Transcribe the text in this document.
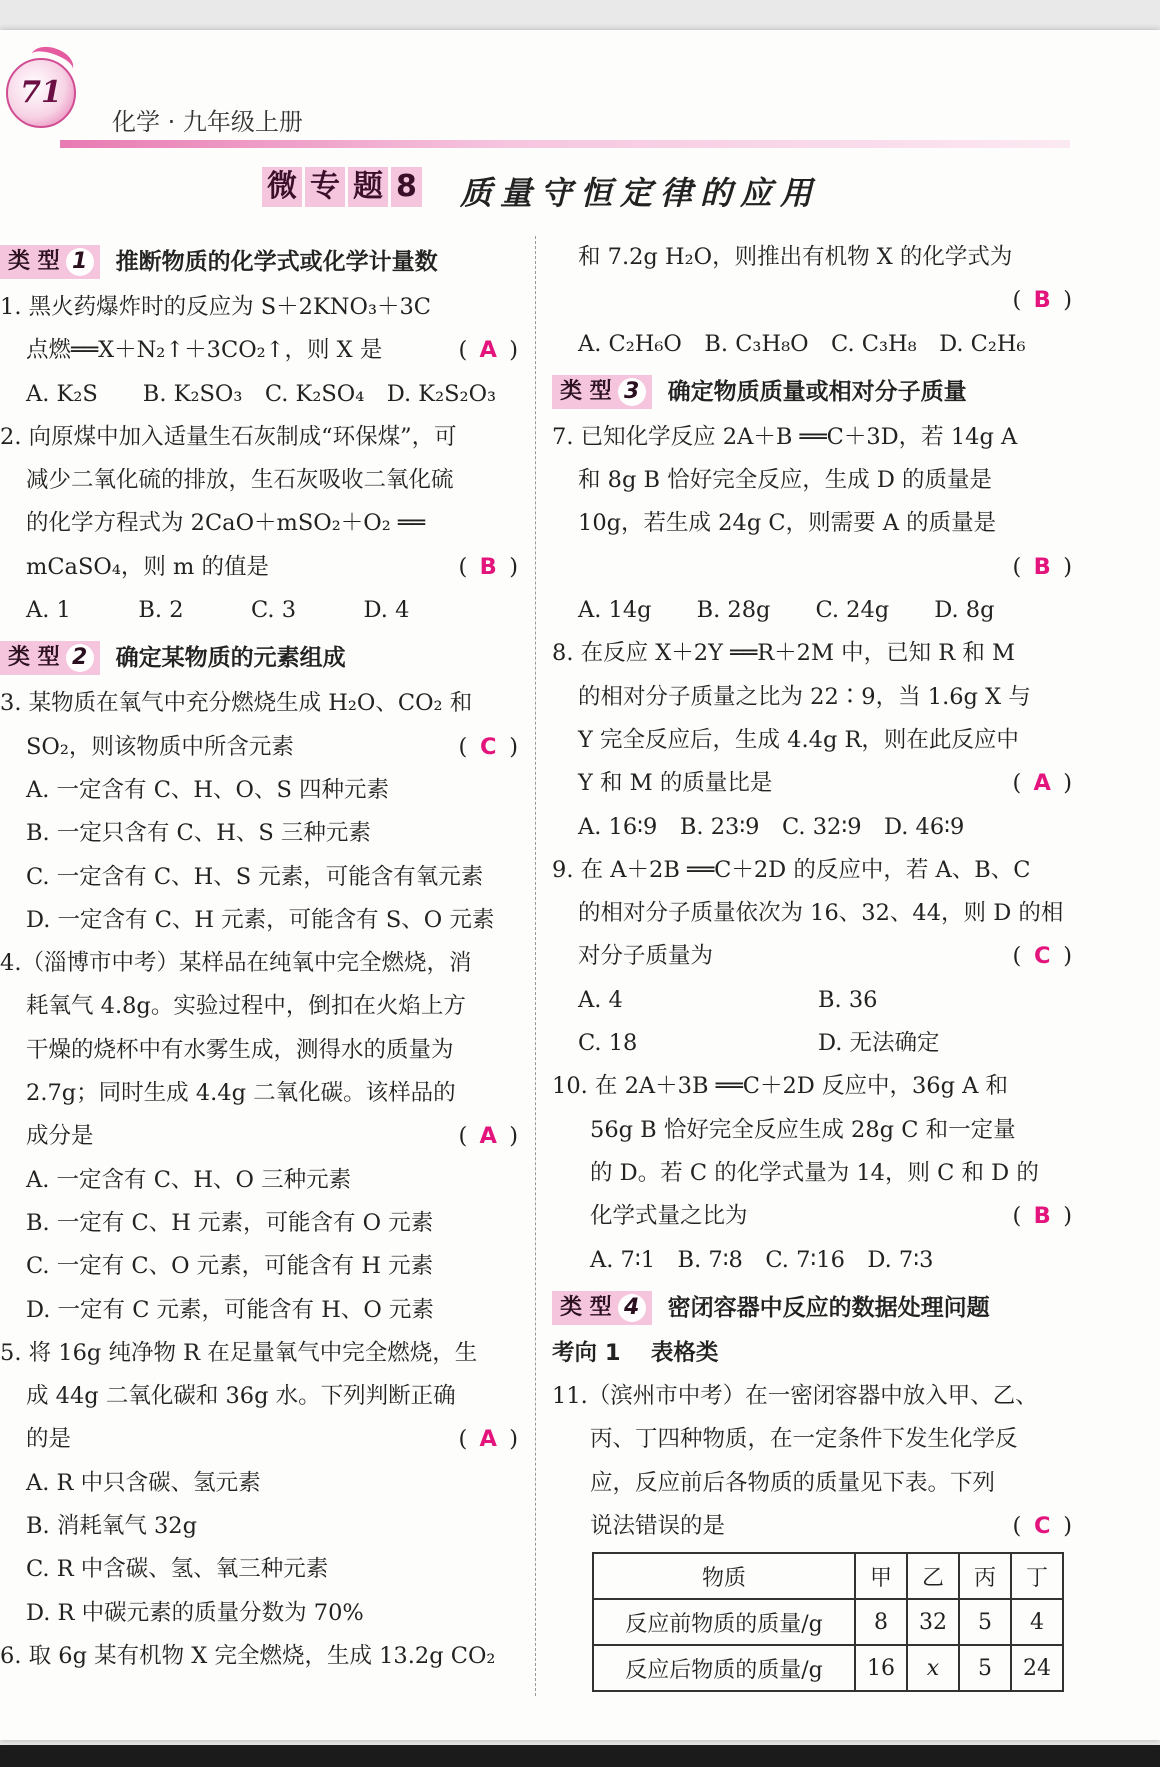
71
化学 · 九年级上册
微 专 题 8 质量守恒定律的应用
类 型 1 推断物质的化学式或化学计量数
1. 黑火药爆炸时的反应为 S＋2KNO₃＋3C
点燃══X＋N₂↑＋3CO₂↑，则 X 是	( A )
A. K₂S　　B. K₂SO₃　C. K₂SO₄　D. K₂S₂O₃
2. 向原煤中加入适量生石灰制成“环保煤”，可
减少二氧化硫的排放，生石灰吸收二氧化硫
的化学方程式为 2CaO＋mSO₂＋O₂ ══
mCaSO₄，则 m 的值是	( B )
A. 1　　　B. 2　　　C. 3　　　D. 4
类 型 2 确定某物质的元素组成
3. 某物质在氧气中充分燃烧生成 H₂O、CO₂ 和
SO₂，则该物质中所含元素	( C )
A. 一定含有 C、H、O、S 四种元素
B. 一定只含有 C、H、S 三种元素
C. 一定含有 C、H、S 元素，可能含有氧元素
D. 一定含有 C、H 元素，可能含有 S、O 元素
4.（淄博市中考）某样品在纯氧中完全燃烧，消
耗氧气 4.8g。实验过程中，倒扣在火焰上方
干燥的烧杯中有水雾生成，测得水的质量为
2.7g；同时生成 4.4g 二氧化碳。该样品的
成分是	( A )
A. 一定含有 C、H、O 三种元素
B. 一定有 C、H 元素，可能含有 O 元素
C. 一定有 C、O 元素，可能含有 H 元素
D. 一定有 C 元素，可能含有 H、O 元素
5. 将 16g 纯净物 R 在足量氧气中完全燃烧，生
成 44g 二氧化碳和 36g 水。下列判断正确
的是	( A )
A. R 中只含碳、氢元素
B. 消耗氧气 32g
C. R 中含碳、氢、氧三种元素
D. R 中碳元素的质量分数为 70%
6. 取 6g 某有机物 X 完全燃烧，生成 13.2g CO₂
和 7.2g H₂O，则推出有机物 X 的化学式为
( B )
A. C₂H₆O　B. C₃H₈O　C. C₃H₈　D. C₂H₆
类 型 3 确定物质质量或相对分子质量
7. 已知化学反应 2A＋B ══C＋3D，若 14g A
和 8g B 恰好完全反应，生成 D 的质量是
10g，若生成 24g C，则需要 A 的质量是
( B )
A. 14g　　B. 28g　　C. 24g　　D. 8g
8. 在反应 X＋2Y ══R＋2M 中，已知 R 和 M
的相对分子质量之比为 22∶9，当 1.6g X 与
Y 完全反应后，生成 4.4g R，则在此反应中
Y 和 M 的质量比是	( A )
A. 16∶9　B. 23∶9　C. 32∶9　D. 46∶9
9. 在 A＋2B ══C＋2D 的反应中，若 A、B、C
的相对分子质量依次为 16、32、44，则 D 的相
对分子质量为	( C )
A. 4	B. 36
C. 18	D. 无法确定
10. 在 2A＋3B ══C＋2D 反应中，36g A 和
56g B 恰好完全反应生成 28g C 和一定量
的 D。若 C 的化学式量为 14，则 C 和 D 的
化学式量之比为	( B )
A. 7∶1　B. 7∶8　C. 7∶16　D. 7∶3
类 型 4 密闭容器中反应的数据处理问题
考向 1　 表格类
11.（滨州市中考）在一密闭容器中放入甲、乙、
丙、丁四种物质，在一定条件下发生化学反
应，反应前后各物质的质量见下表。下列
说法错误的是	( C )
物质	甲	乙	丙	丁
反应前物质的质量/g	8	32	5	4
反应后物质的质量/g	16	x	5	24
